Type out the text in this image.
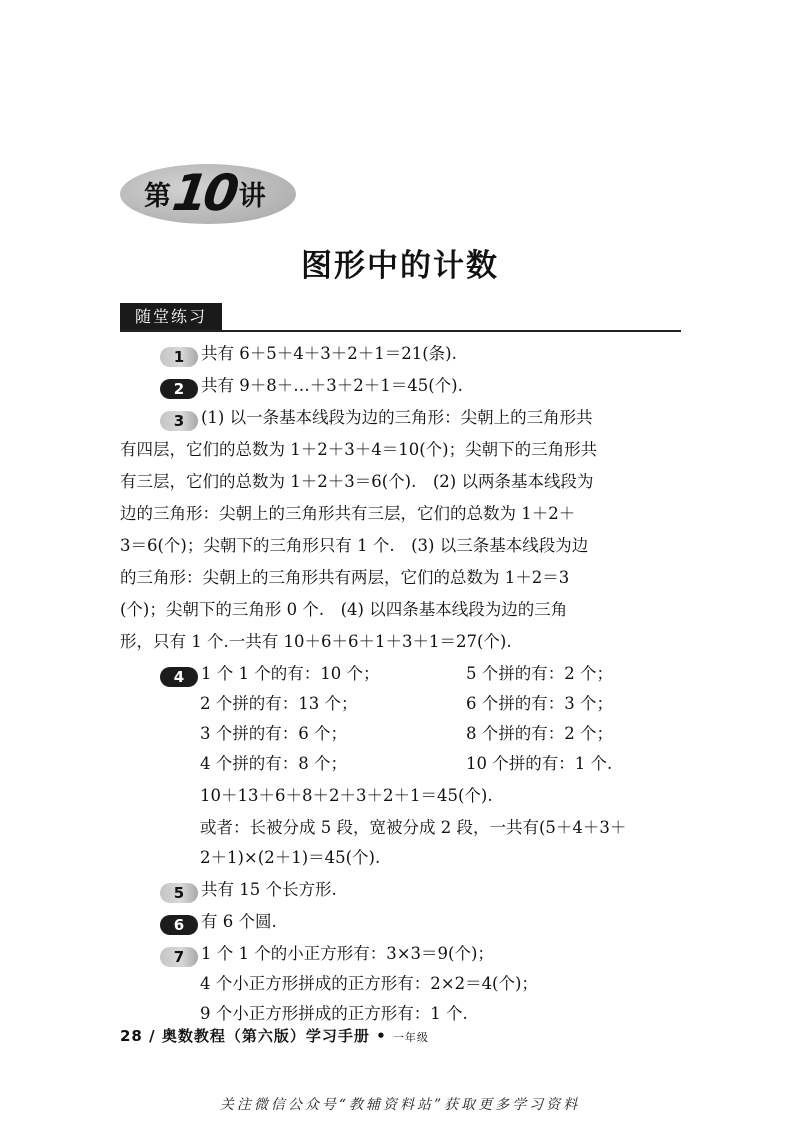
第
10 讲
图形中的计数
随堂练习
1 共有 6＋5＋4＋3＋2＋1＝21(条).
2 共有 9＋8＋…＋3＋2＋1＝45(个).
3 (1) 以一条基本线段为边的三角形：尖朝上的三角形共
有四层，它们的总数为 1＋2＋3＋4＝10(个)；尖朝下的三角形共
有三层，它们的总数为 1＋2＋3＝6(个).　(2) 以两条基本线段为
边的三角形：尖朝上的三角形共有三层，它们的总数为 1＋2＋
3＝6(个)；尖朝下的三角形只有 1 个.　(3) 以三条基本线段为边
的三角形：尖朝上的三角形共有两层，它们的总数为 1＋2＝3
(个)；尖朝下的三角形 0 个.　(4) 以四条基本线段为边的三角
形，只有 1 个.一共有 10＋6＋6＋1＋3＋1＝27(个).
4 1 个 1 个的有：10 个；	5 个拼的有：2 个；
2 个拼的有：13 个；	6 个拼的有：3 个；
3 个拼的有：6 个；	8 个拼的有：2 个；
4 个拼的有：8 个；	10 个拼的有：1 个.
10＋13＋6＋8＋2＋3＋2＋1＝45(个).
或者：长被分成 5 段，宽被分成 2 段，一共有(5＋4＋3＋
2＋1)×(2＋1)＝45(个).
5 共有 15 个长方形.
6 有 6 个圆.
7 1 个 1 个的小正方形有：3×3＝9(个)；
4 个小正方形拼成的正方形有：2×2＝4(个)；
9 个小正方形拼成的正方形有：1 个.
28 / 奥数教程（第六版）学习手册 • 一年级
关注微信公众号“教辅资料站”获取更多学习资料
